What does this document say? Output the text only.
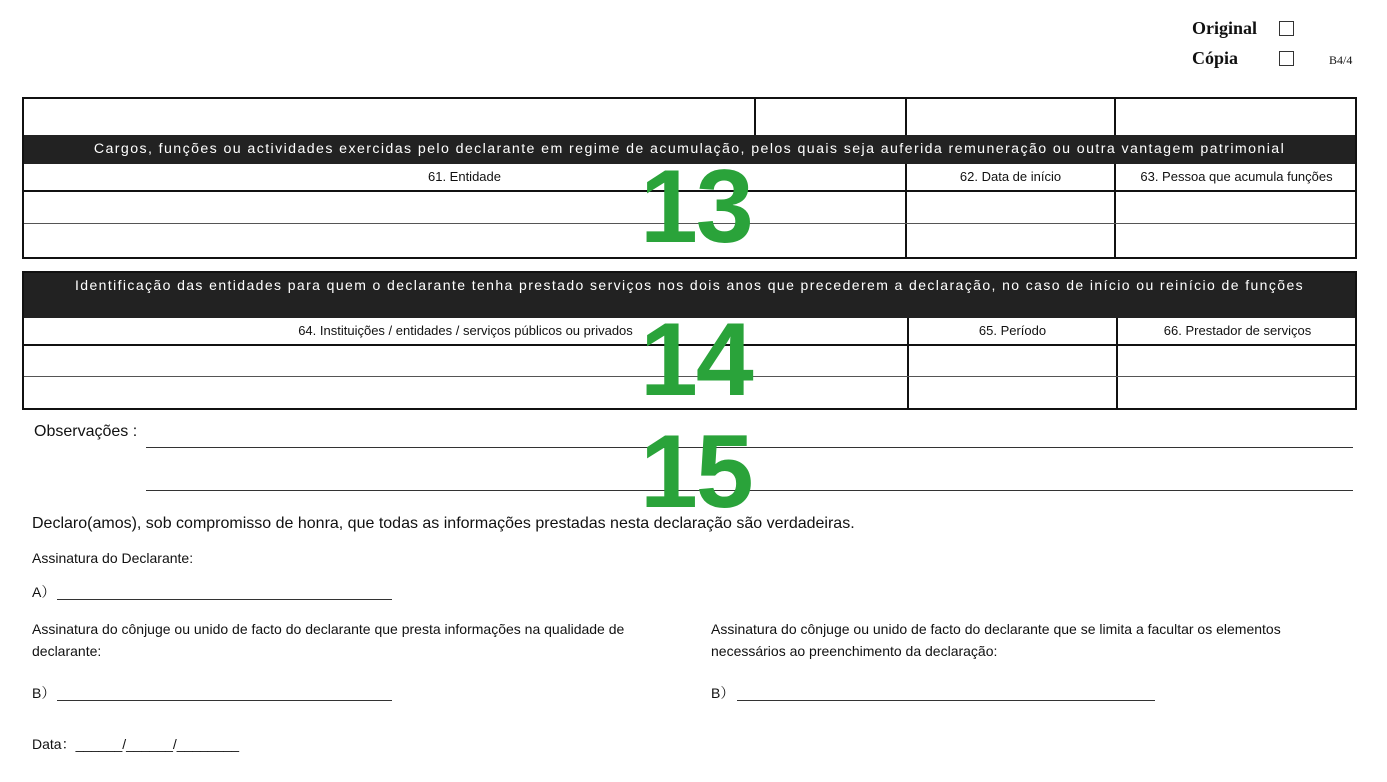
Original
Cópia	B4/4
Cargos, funções ou actividades exercidas pelo declarante em regime de acumulação, pelos quais seja auferida remuneração ou outra vantagem patrimonial
61. Entidade	62. Data de início	63. Pessoa que acumula funções
Identificação das entidades para quem o declarante tenha prestado serviços nos dois anos que precederem a declaração, no caso de início ou reinício de funções
64. Instituições / entidades / serviços públicos ou privados	65. Período	66. Prestador de serviços
Observações :
Declaro(amos), sob compromisso de honra, que todas as informações prestadas nesta declaração são verdadeiras.
Assinatura do Declarante:
A）
Assinatura do cônjuge ou unido de facto do declarante que presta informações na qualidade de declarante:
B）
Assinatura do cônjuge ou unido de facto do declarante que se limita a facultar os elementos necessários ao preenchimento da declaração:
B）
Data：______/______/________
13
14
15
